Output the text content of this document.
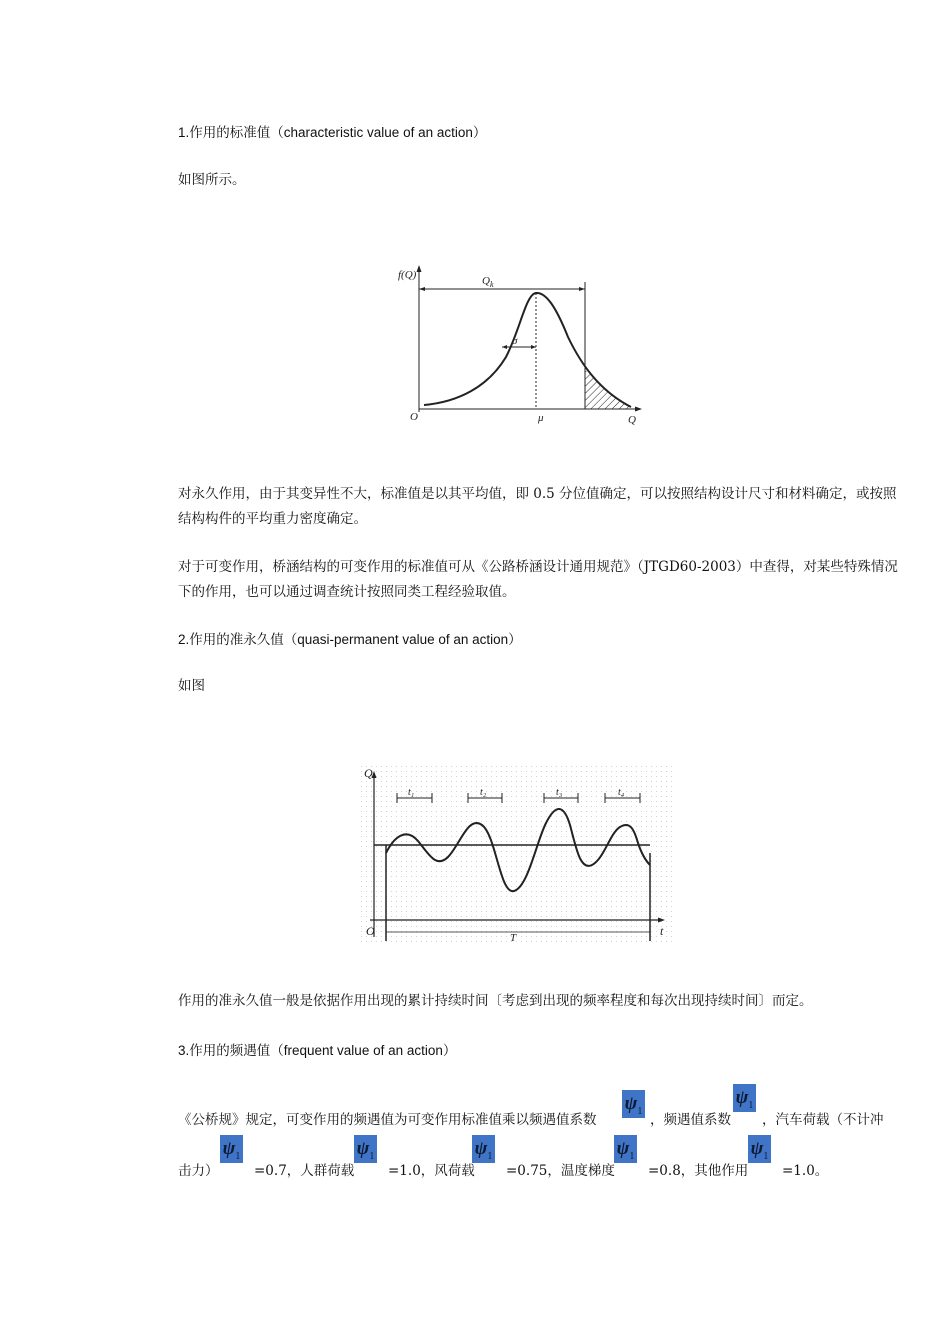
1.作用的标准值（characteristic value of an action）

如图所示。

f(Q)	$Q_k$
σ
O	μ	Q

对永久作用，由于其变异性不大，标准值是以其平均值，即 0.5 分位值确定，可以按照结构设计尺寸和材料确定，或按照结构构件的平均重力密度确定。

对于可变作用，桥涵结构的可变作用的标准值可从《公路桥涵设计通用规范》（JTGD60-2003）中查得，对某些特殊情况下的作用，也可以通过调查统计按照同类工程经验取值。

2.作用的准永久值（quasi-permanent value of an action）

如图

t₁	t₂	t₃	t₄
Q
O	T	t

作用的准永久值一般是依据作用出现的累计持续时间〔考虑到出现的频率程度和每次出现持续时间〕而定。

3.作用的频遇值（frequent value of an action）

《公桥规》规定，可变作用的频遇值为可变作用标准值乘以频遇值系数
$\psi_1$
，频遇值系数
$\psi_1$
，汽车荷载（不计冲
击力）
$\psi_1$
=0.7，人群荷载
$\psi_1$
=1.0，风荷载
$\psi_1$
=0.75，温度梯度
$\psi_1$
=0.8，其他作用
$\psi_1$
=1.0。
